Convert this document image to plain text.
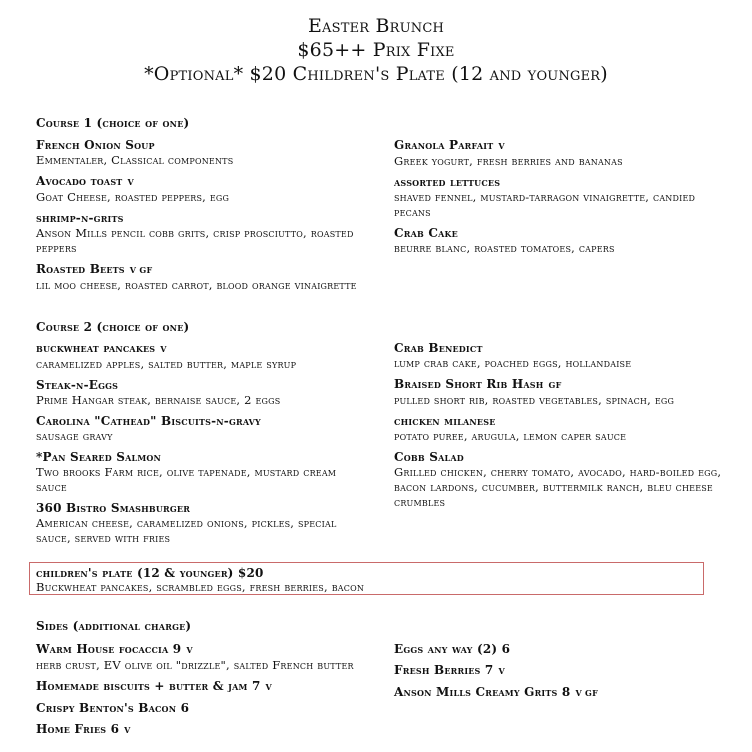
Easter Brunch
$65++ Prix Fixe
*Optional* $20 Children's Plate (12 and younger)
Course 1 (choice of one)
French Onion Soup
Emmentaler, Classical components
Avocado toast V
Goat Cheese, roasted peppers, egg
shrimp-n-grits
Anson Mills pencil cobb grits, crisp prosciutto, roasted peppers
Roasted Beets V GF
lil moo cheese, roasted carrot, blood orange vinaigrette
Granola Parfait V
Greek yogurt, fresh berries and bananas
assorted lettuces
shaved fennel, mustard-tarragon vinaigrette, candied pecans
Crab Cake
beurre blanc, roasted tomatoes, capers
Course 2 (choice of one)
buckwheat pancakes V
caramelized apples, salted butter, maple syrup
Steak-n-Eggs
Prime Hangar steak, bernaise sauce, 2 eggs
Carolina "Cathead" Biscuits-n-gravy
sausage gravy
*Pan Seared Salmon
Two brooks Farm rice, olive tapenade, mustard cream sauce
360 Bistro Smashburger
American cheese, caramelized onions, pickles, special sauce, served with fries
Crab Benedict
lump crab cake, poached eggs, hollandaise
Braised Short Rib Hash GF
pulled short rib, roasted vegetables, spinach, egg
chicken milanese
potato puree, arugula, lemon caper sauce
Cobb Salad
Grilled chicken, cherry tomato, avocado, hard-boiled egg, bacon lardons, cucumber, buttermilk ranch, bleu cheese crumbles
children's plate (12 & younger) $20
Buckwheat pancakes, scrambled eggs, fresh berries, bacon
Sides (additional charge)
Warm House focaccia 9 V
herb crust, EV olive oil "drizzle", salted French butter
Homemade biscuits + butter & jam 7 V
Crispy Benton's Bacon 6
Home Fries 6 V
Eggs any way (2) 6
Fresh Berries 7 V
Anson Mills Creamy Grits 8 V GF
